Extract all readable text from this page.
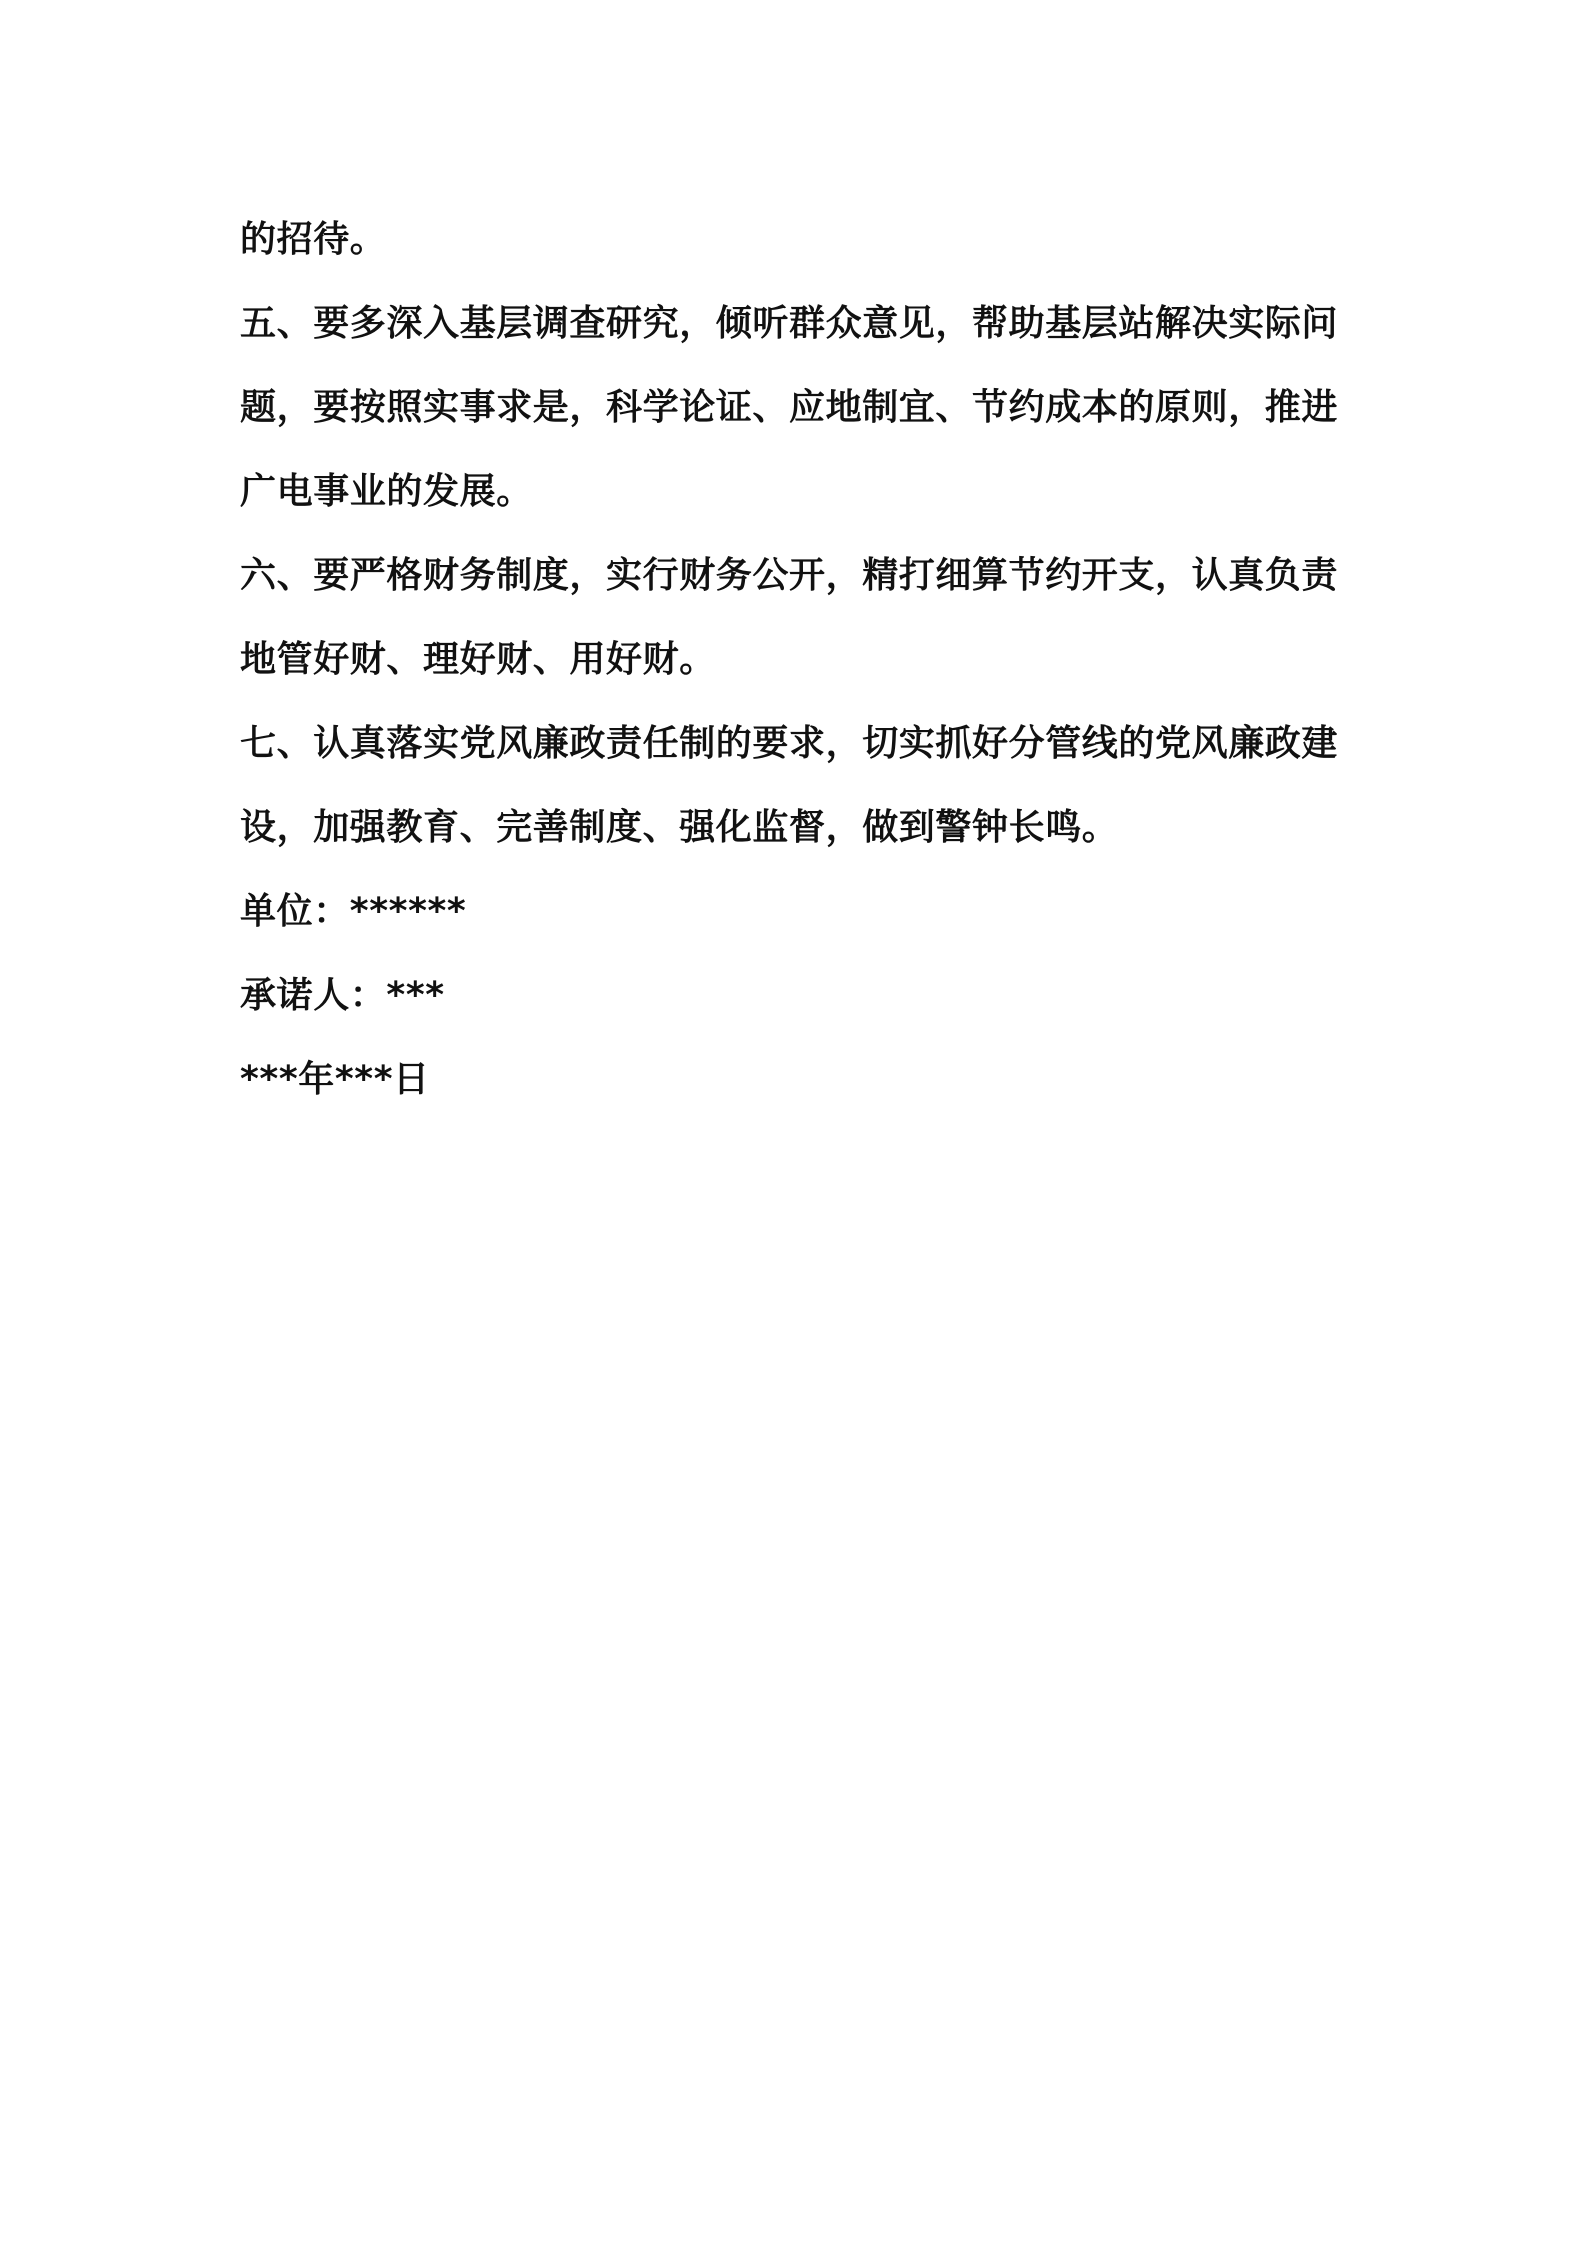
的招待。
五、要多深入基层调查研究，倾听群众意见，帮助基层站解决实际问
题，要按照实事求是，科学论证、应地制宜、节约成本的原则，推进
广电事业的发展。
六、要严格财务制度，实行财务公开，精打细算节约开支，认真负责
地管好财、理好财、用好财。
七、认真落实党风廉政责任制的要求，切实抓好分管线的党风廉政建
设，加强教育、完善制度、强化监督，做到警钟长鸣。
单位：******
承诺人：***
***年***日
